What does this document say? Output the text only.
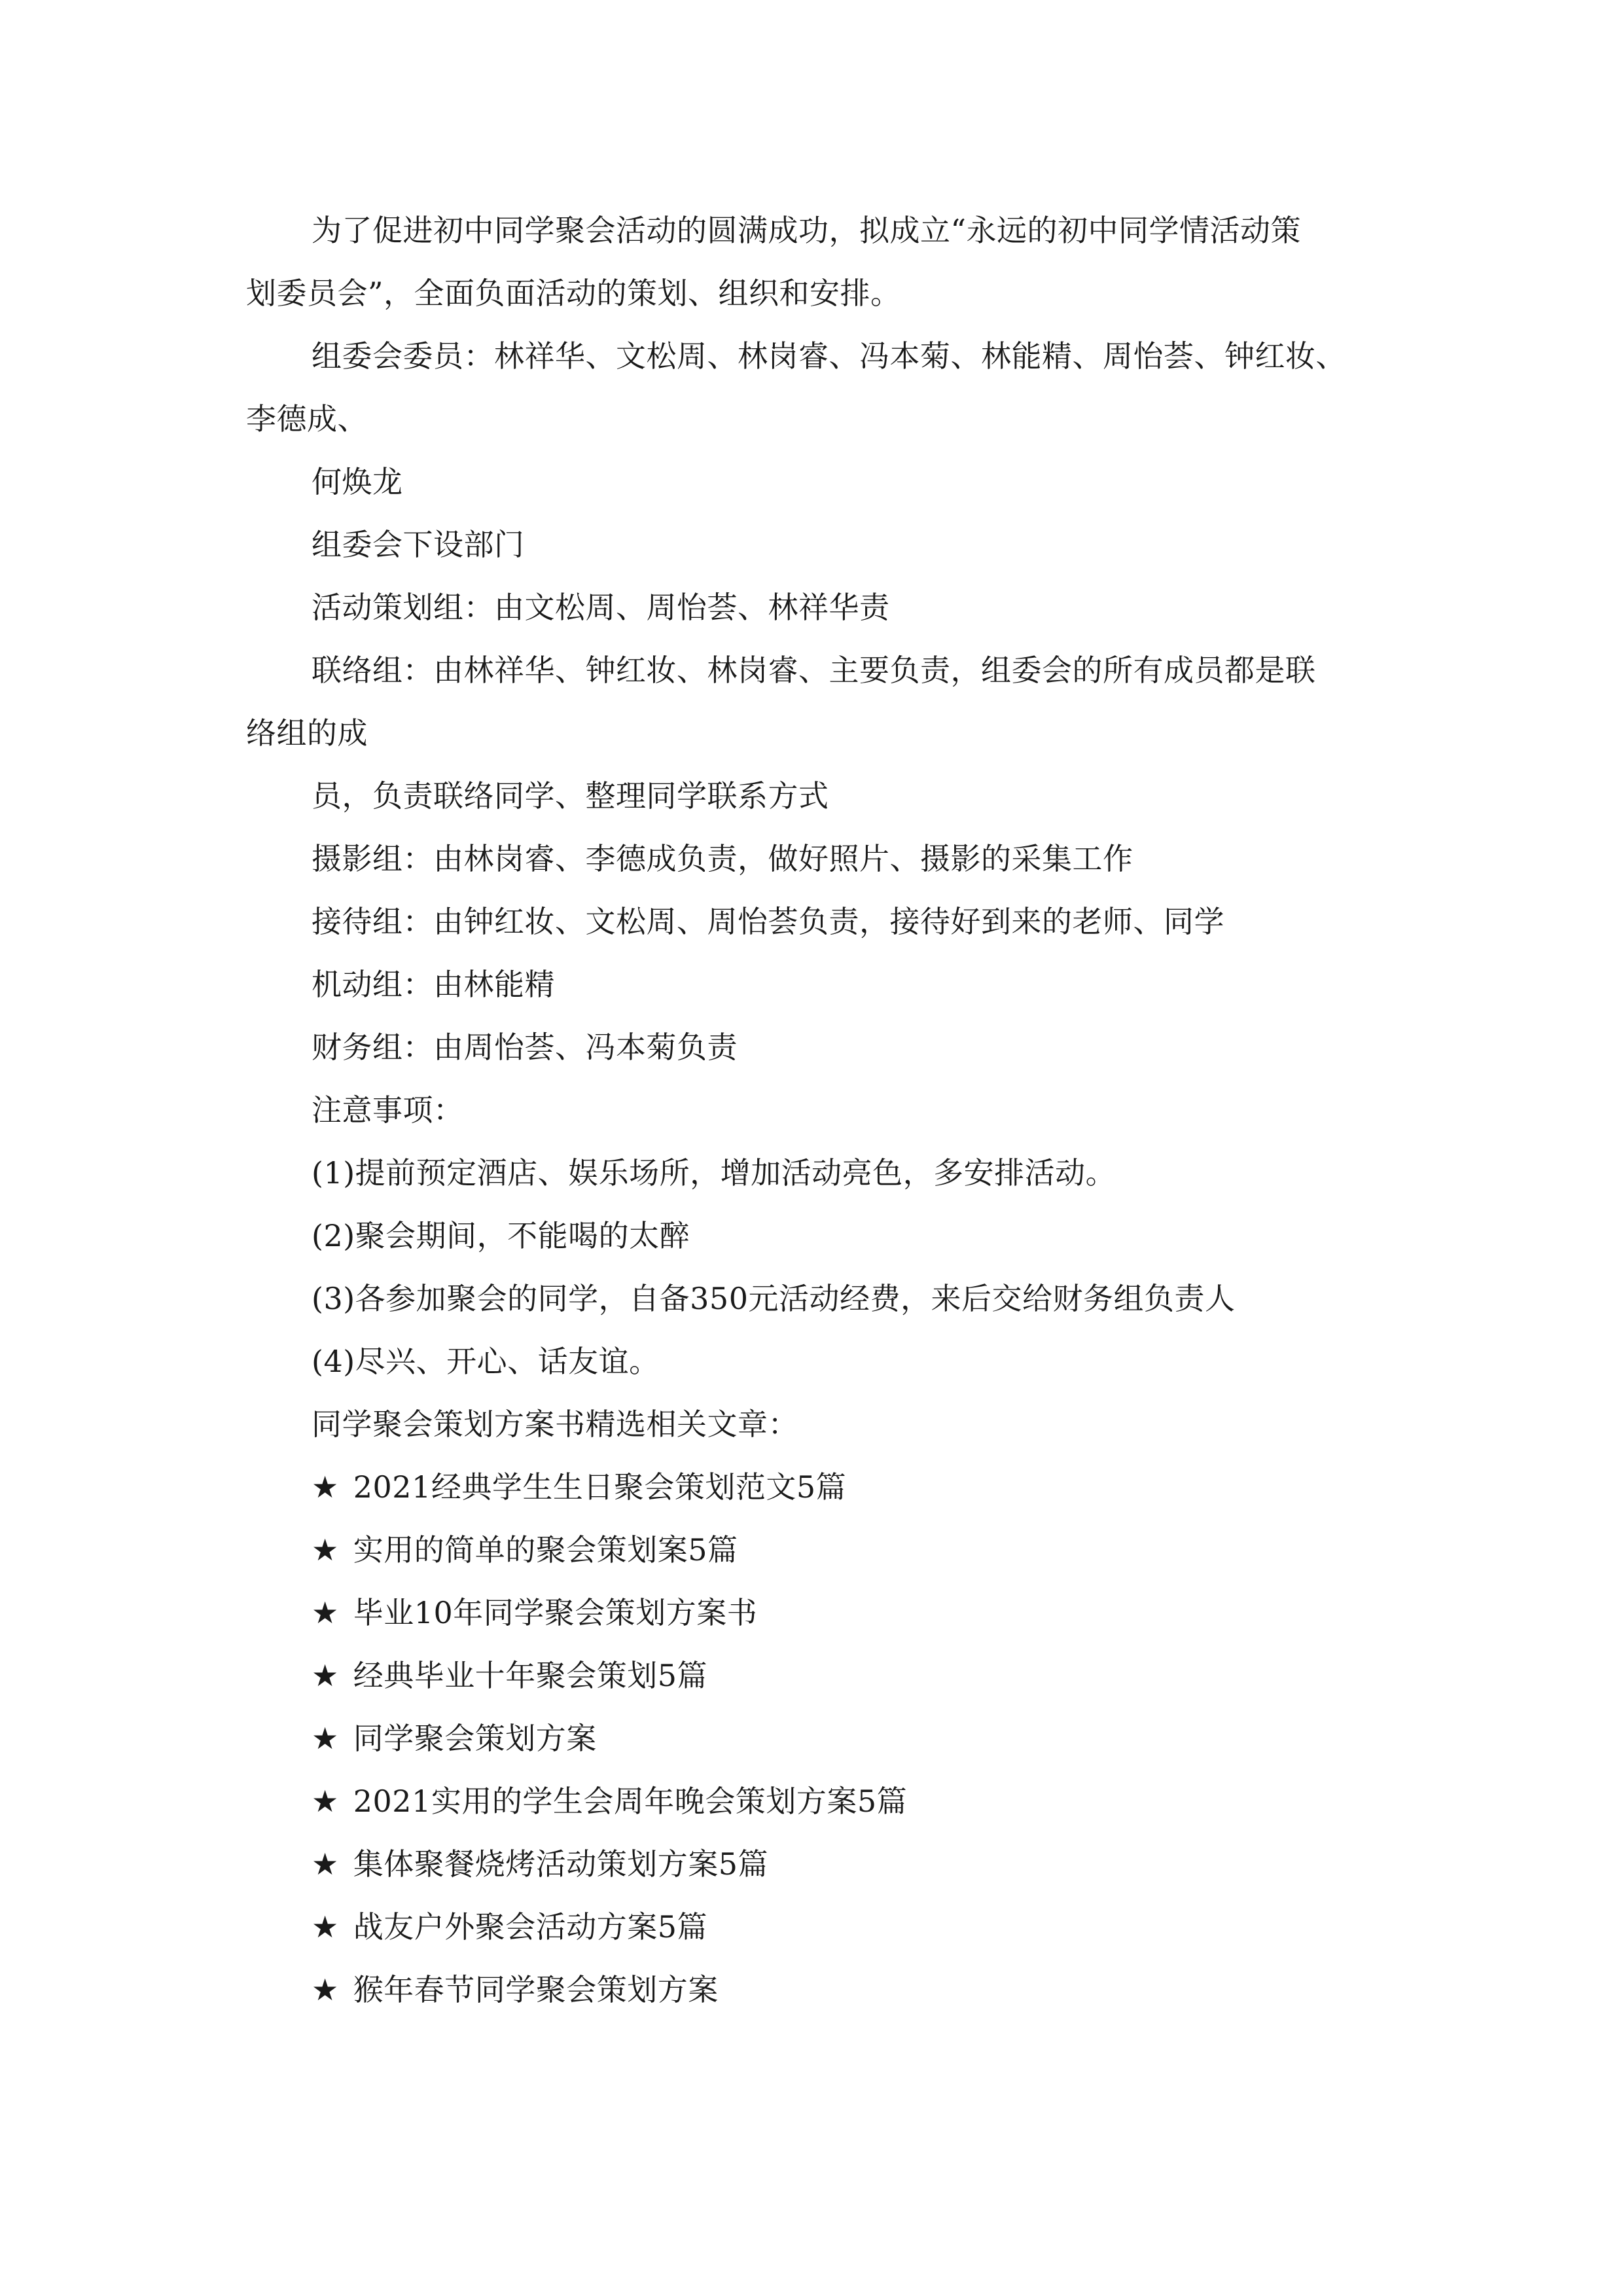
为了促进初中同学聚会活动的圆满成功，拟成立“永远的初中同学情活动策
划委员会”，全面负面活动的策划、组织和安排。
组委会委员：林祥华、文松周、林岗睿、冯本菊、林能精、周怡荟、钟红妆、
李德成、
何焕龙
组委会下设部门
活动策划组：由文松周、周怡荟、林祥华责
联络组：由林祥华、钟红妆、林岗睿、主要负责，组委会的所有成员都是联
络组的成
员，负责联络同学、整理同学联系方式
摄影组：由林岗睿、李德成负责，做好照片、摄影的采集工作
接待组：由钟红妆、文松周、周怡荟负责，接待好到来的老师、同学
机动组：由林能精
财务组：由周怡荟、冯本菊负责
注意事项：
(1)提前预定酒店、娱乐场所，增加活动亮色，多安排活动。
(2)聚会期间，不能喝的太醉
(3)各参加聚会的同学，自备350元活动经费，来后交给财务组负责人
(4)尽兴、开心、话友谊。
同学聚会策划方案书精选相关文章：
★ 2021经典学生生日聚会策划范文5篇
★ 实用的简单的聚会策划案5篇
★ 毕业10年同学聚会策划方案书
★ 经典毕业十年聚会策划5篇
★ 同学聚会策划方案
★ 2021实用的学生会周年晚会策划方案5篇
★ 集体聚餐烧烤活动策划方案5篇
★ 战友户外聚会活动方案5篇
★ 猴年春节同学聚会策划方案
